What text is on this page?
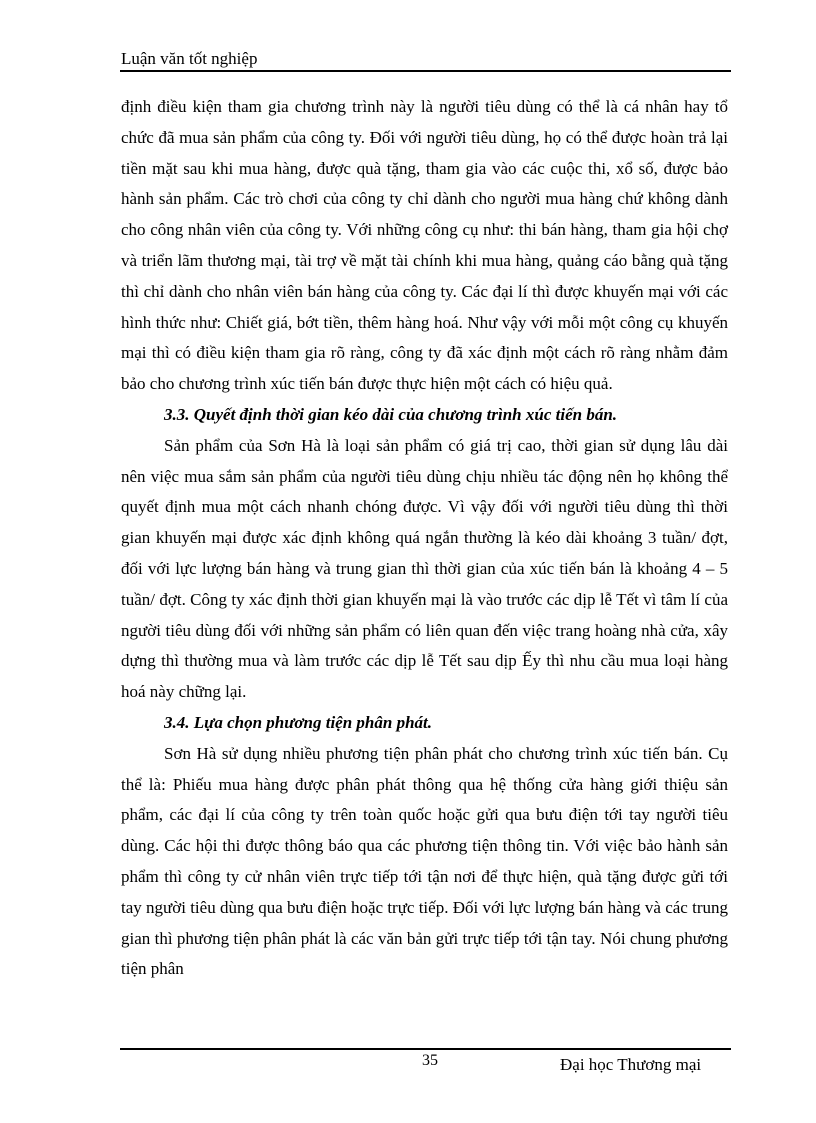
Luận văn tốt nghiệp

định điều kiện tham gia chương trình này là người tiêu dùng có thể là cá nhân hay tổ chức đã mua sản phẩm của công ty. Đối với người tiêu dùng, họ có thể được hoàn trả lại tiền mặt sau khi mua hàng, được quà tặng, tham gia vào các cuộc thi, xổ số, được bảo hành sản phẩm. Các trò chơi của công ty chỉ dành cho người mua hàng chứ không dành cho công nhân viên của công ty. Với những công cụ như: thi bán hàng, tham gia hội chợ và triển lãm thương mại, tài trợ về mặt tài chính khi mua hàng, quảng cáo bằng quà tặng thì chỉ dành cho nhân viên bán hàng của công ty. Các đại lí thì được khuyến mại với các hình thức như: Chiết giá, bớt tiền, thêm hàng hoá. Như vậy với mỗi một công cụ khuyến mại thì có điều kiện tham gia rõ ràng, công ty đã xác định một cách rõ ràng nhằm đảm bảo cho chương trình xúc tiến bán được thực hiện một cách có hiệu quả.

3.3. Quyết định thời gian kéo dài của chương trình xúc tiến bán.

Sản phẩm của Sơn Hà là loại sản phẩm có giá trị cao, thời gian sử dụng lâu dài nên việc mua sắm sản phẩm của người tiêu dùng chịu nhiều tác động nên họ không thể quyết định mua một cách nhanh chóng được. Vì vậy đối với người tiêu dùng thì thời gian khuyến mại được xác định không quá ngắn thường là kéo dài khoảng 3 tuần/ đợt, đối với lực lượng bán hàng và trung gian thì thời gian của xúc tiến bán là khoảng 4 – 5 tuần/ đợt. Công ty xác định thời gian khuyến mại là vào trước các dịp lễ Tết vì tâm lí của người tiêu dùng đối với những sản phẩm có liên quan đến việc trang hoàng nhà cửa, xây dựng thì thường mua và làm trước các dịp lễ Tết sau dịp Ếy thì nhu cầu mua loại hàng hoá này chững lại.

3.4. Lựa chọn phương tiện phân phát.

Sơn Hà sử dụng nhiều phương tiện phân phát cho chương trình xúc tiến bán. Cụ thể là: Phiếu mua hàng được phân phát thông qua hệ thống cửa hàng giới thiệu sản phẩm, các đại lí của công ty trên toàn quốc hoặc gửi qua bưu điện tới tay người tiêu dùng. Các hội thi được thông báo qua các phương tiện thông tin. Với việc bảo hành sản phẩm thì công ty cử nhân viên trực tiếp tới tận nơi để thực hiện, quà tặng được gửi tới tay người tiêu dùng qua bưu điện hoặc trực tiếp. Đối với lực lượng bán hàng và các trung gian thì phương tiện phân phát là các văn bản gửi trực tiếp tới tận tay. Nói chung phương tiện phân

35	Đại học Thương mại
